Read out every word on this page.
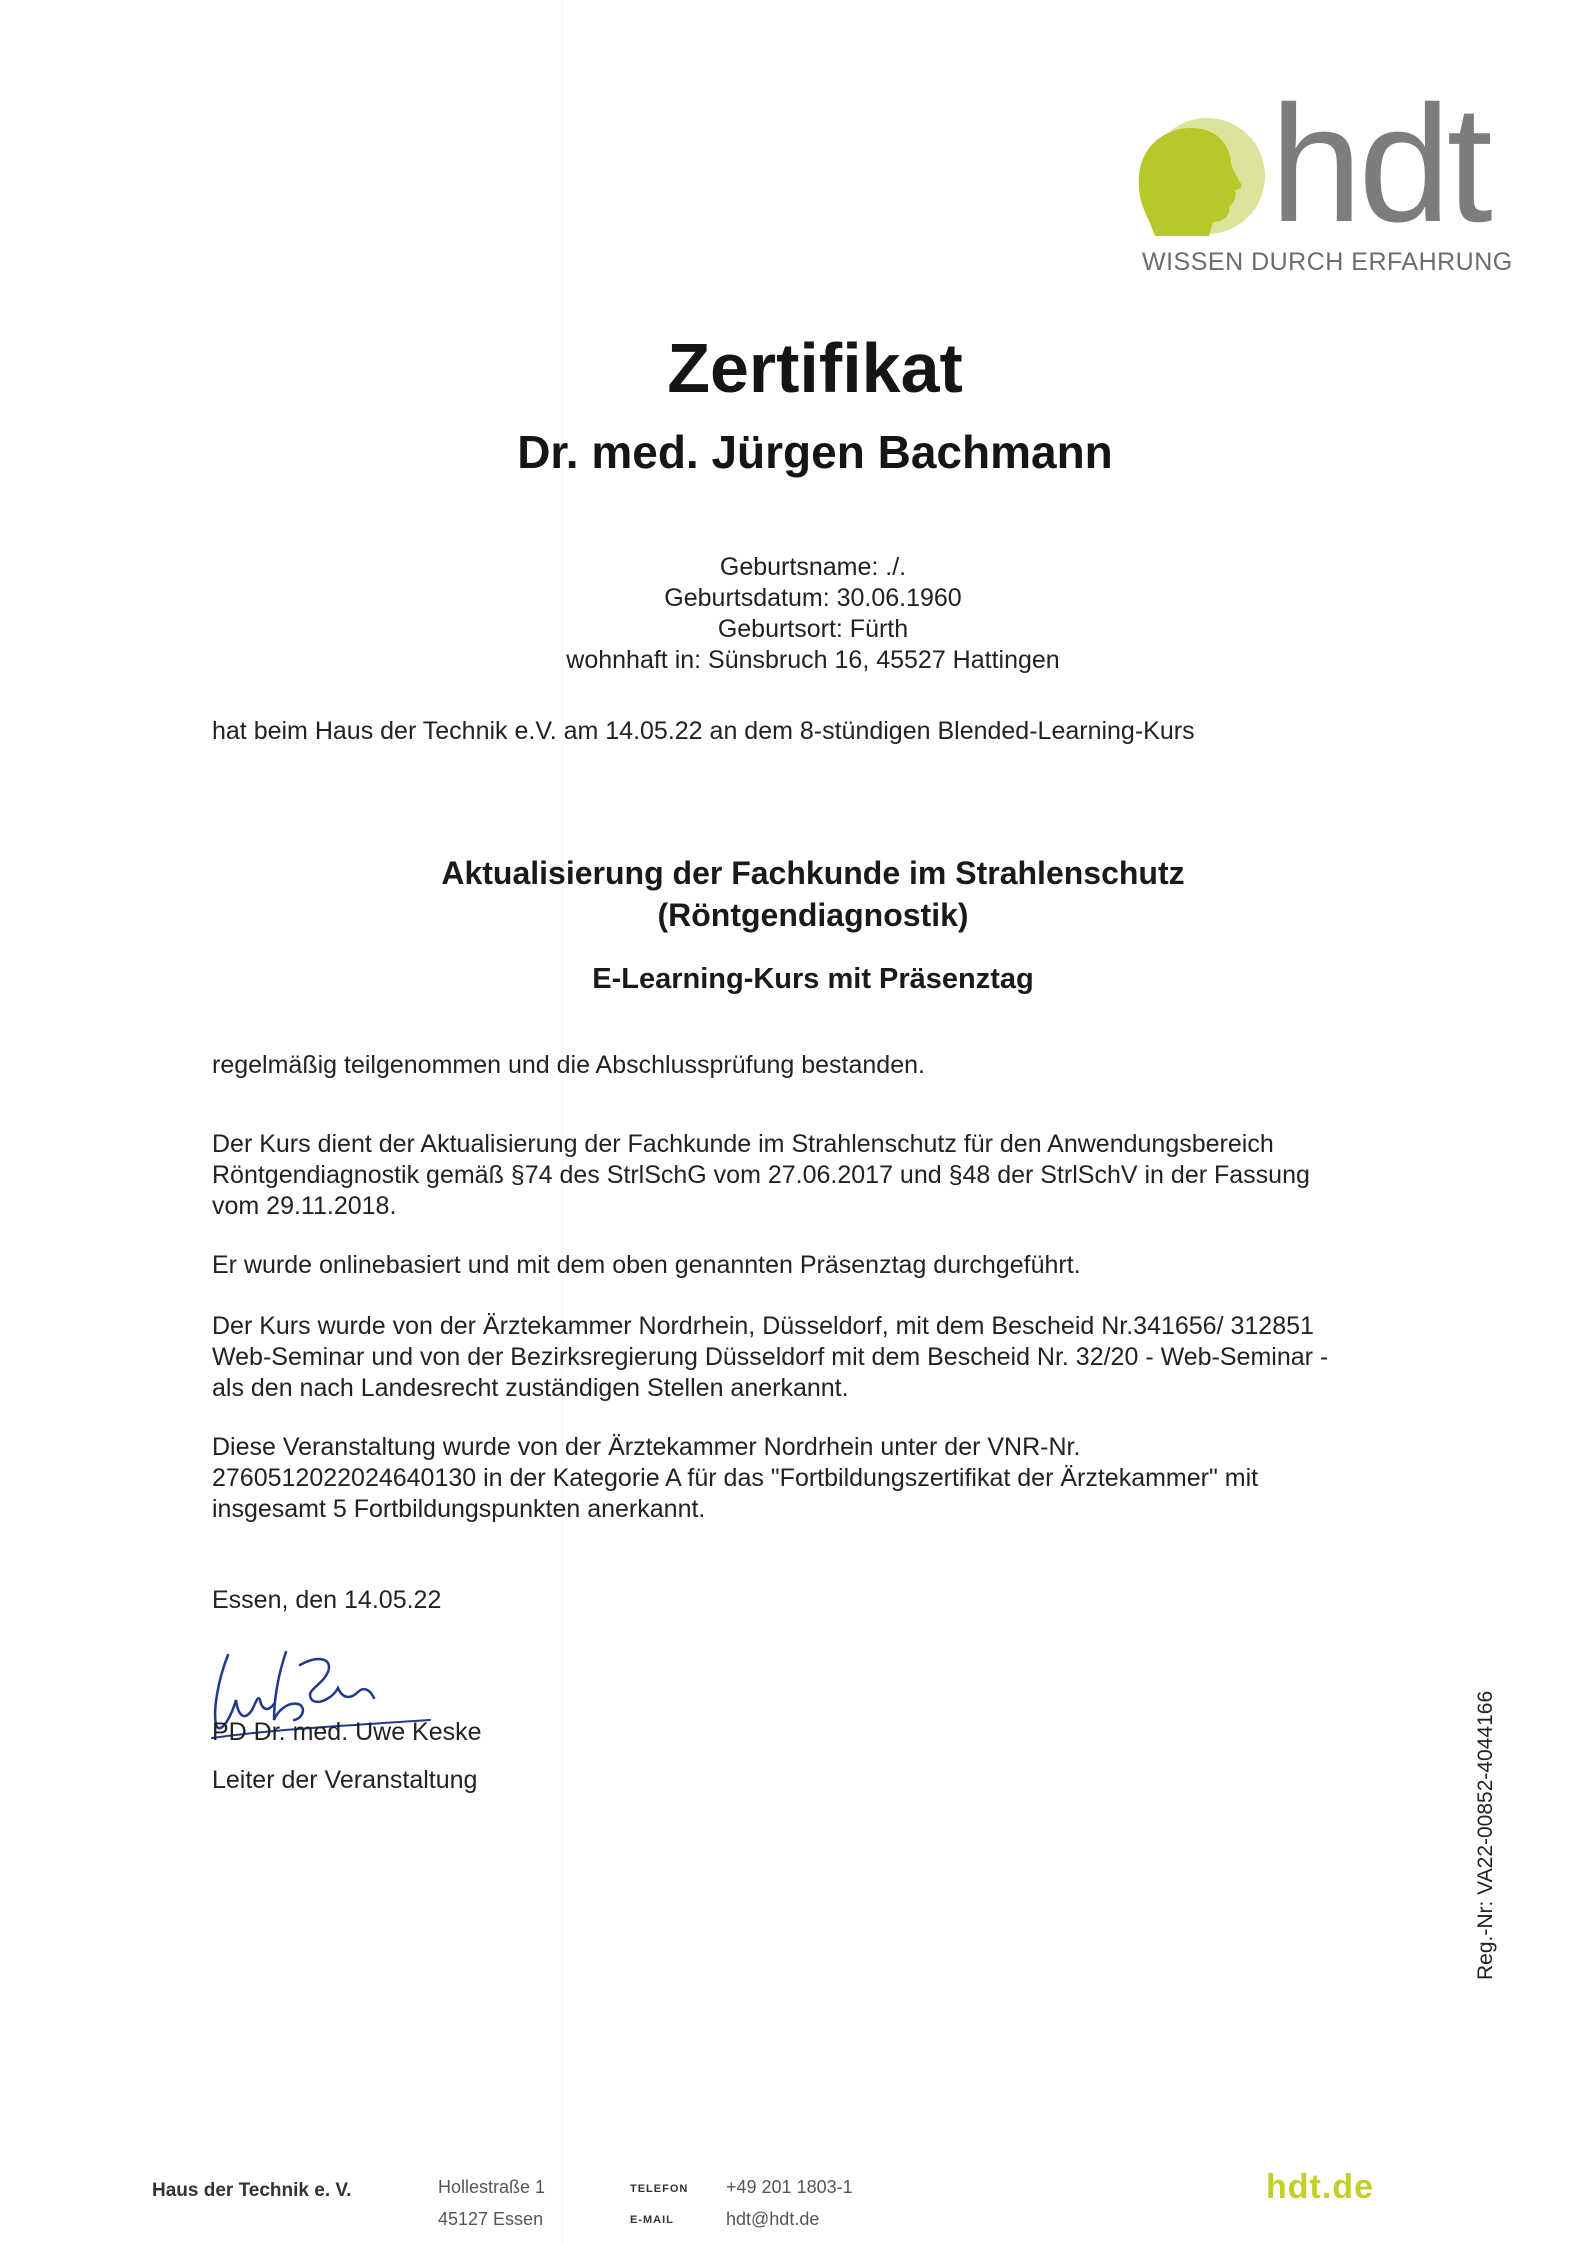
hdt
WISSEN DURCH ERFAHRUNG
Zertifikat
Dr. med. Jürgen Bachmann
Geburtsname: ./.
Geburtsdatum: 30.06.1960
Geburtsort: Fürth
wohnhaft in: Sünsbruch 16, 45527 Hattingen
hat beim Haus der Technik e.V. am 14.05.22 an dem 8-stündigen Blended-Learning-Kurs
Aktualisierung der Fachkunde im Strahlenschutz
(Röntgendiagnostik)
E-Learning-Kurs mit Präsenztag
regelmäßig teilgenommen und die Abschlussprüfung bestanden.
Der Kurs dient der Aktualisierung der Fachkunde im Strahlenschutz für den Anwendungsbereich
Röntgendiagnostik gemäß §74 des StrlSchG vom 27.06.2017 und §48 der StrlSchV in der Fassung
vom 29.11.2018.
Er wurde onlinebasiert und mit dem oben genannten Präsenztag durchgeführt.
Der Kurs wurde von der Ärztekammer Nordrhein, Düsseldorf, mit dem Bescheid Nr.341656/ 312851
Web-Seminar und von der Bezirksregierung Düsseldorf mit dem Bescheid Nr. 32/20 - Web-Seminar -
als den nach Landesrecht zuständigen Stellen anerkannt.
Diese Veranstaltung wurde von der Ärztekammer Nordrhein unter der VNR-Nr.
2760512022024640130 in der Kategorie A für das "Fortbildungszertifikat der Ärztekammer" mit
insgesamt 5 Fortbildungspunkten anerkannt.
Essen, den 14.05.22
PD Dr. med. Uwe Keske
Leiter der Veranstaltung	Reg.-Nr: VA22-00852-4044166
Haus der Technik e. V.	Hollestraße 1
45127 Essen
TELEFON
E-MAIL
+49 201 1803-1
hdt@hdt.de
hdt.de
